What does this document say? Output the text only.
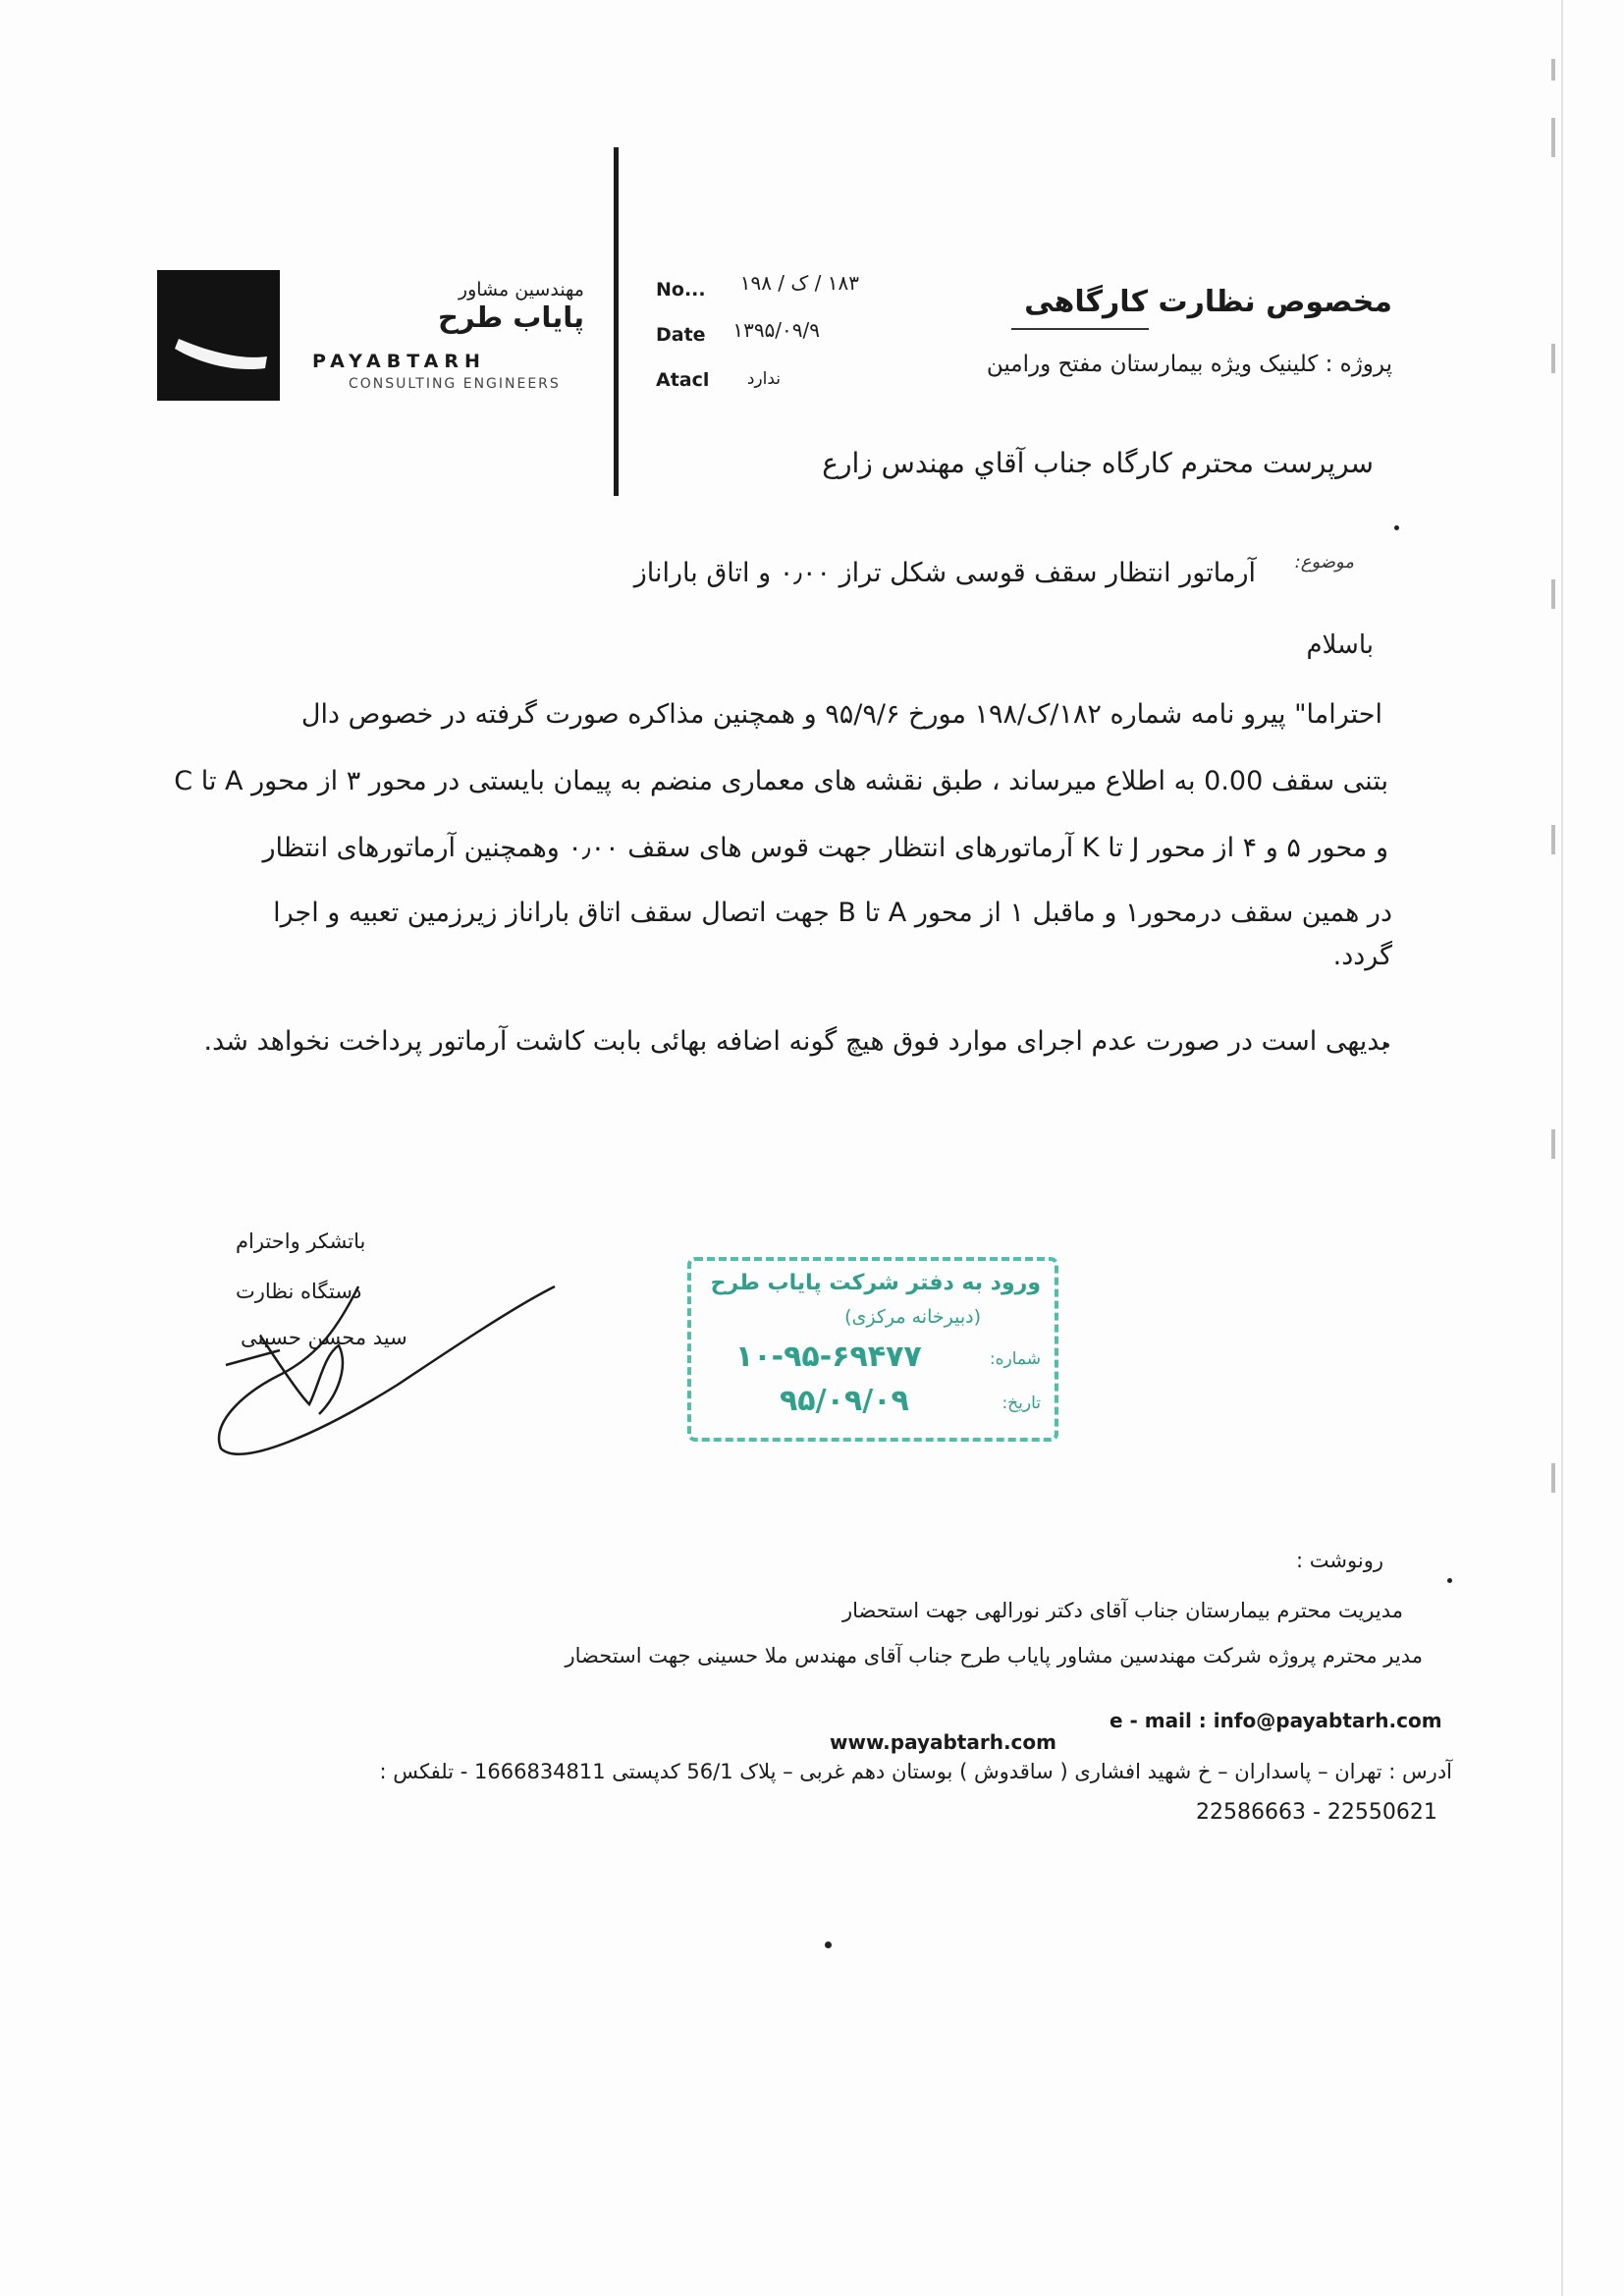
مهندسین مشاور
پایاب طرح
PAYABTARH
CONSULTING ENGINEERS
No...	۱۸۳ / ک / ۱۹۸
Date	۱۳۹۵/۰۹/۹
Atacl	ندارد
مخصوص نظارت کارگاهی
پروژه : کلینیک ویژه بیمارستان مفتح ورامین
سرپرست محترم کارگاه جناب آقاي مهندس زارع
موضوع:
آرماتور انتظار سقف قوسی شکل تراز ۰٫۰۰ و اتاق باراناز
باسلام
احتراما" پیرو نامه شماره ۱۸۲/ک/۱۹۸ مورخ ۹۵/۹/۶ و همچنین مذاکره صورت گرفته در خصوص دال
بتنی سقف 0.00 به اطلاع میرساند ، طبق نقشه های معماری منضم به پیمان بایستی در محور ۳ از محور A تا C
و محور ۵ و ۴ از محور J تا K آرماتورهای انتظار جهت قوس های سقف ۰٫۰۰ وهمچنین آرماتورهای انتظار
در همین سقف درمحور۱ و ماقبل ۱ از محور A تا B جهت اتصال سقف اتاق باراناز زیرزمین تعبیه و اجرا
گردد.
بدیهی است در صورت عدم اجرای موارد فوق هیچ گونه اضافه بهائی بابت کاشت آرماتور پرداخت نخواهد شد.
باتشکر واحترام
دستگاه نظارت
سید محسن حسینی
ورود به دفتر شرکت پایاب طرح
(دبیرخانه مرکزی)
شماره:
۱۰-۹۵-۶۹۴۷۷
تاریخ:
۹۵/۰۹/۰۹
رونوشت :
مدیریت محترم بیمارستان جناب آقای دکتر نورالهی جهت استحضار
مدیر محترم پروژه شرکت مهندسین مشاور پایاب طرح جناب آقای مهندس ملا حسینی جهت استحضار
www.payabtarh.com
e - mail : info@payabtarh.com
آدرس : تهران – پاسداران – خ شهید افشاری ( ساقدوش ) بوستان دهم غربی – پلاک 56/1 کدپستی 1666834811 - تلفکس :
22586663 - 22550621
